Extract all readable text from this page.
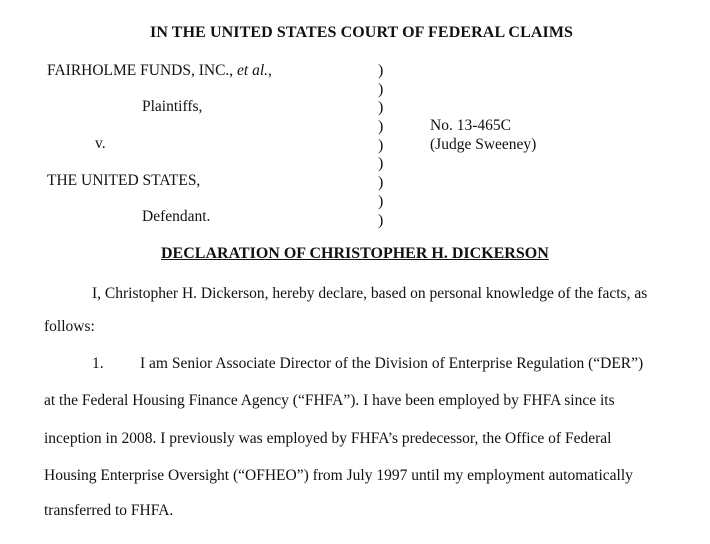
IN THE UNITED STATES COURT OF FEDERAL CLAIMS
FAIRHOLME FUNDS, INC., et al.,
Plaintiffs,
v.
THE UNITED STATES,
Defendant.
)
)
)
)
)
)
)
)
)
No. 13-465C
(Judge Sweeney)
DECLARATION OF CHRISTOPHER H. DICKERSON
I, Christopher H. Dickerson, hereby declare, based on personal knowledge of the facts, as
follows:
1. I am Senior Associate Director of the Division of Enterprise Regulation (“DER”)
at the Federal Housing Finance Agency (“FHFA”). I have been employed by FHFA since its
inception in 2008. I previously was employed by FHFA’s predecessor, the Office of Federal
Housing Enterprise Oversight (“OFHEO”) from July 1997 until my employment automatically
transferred to FHFA.
